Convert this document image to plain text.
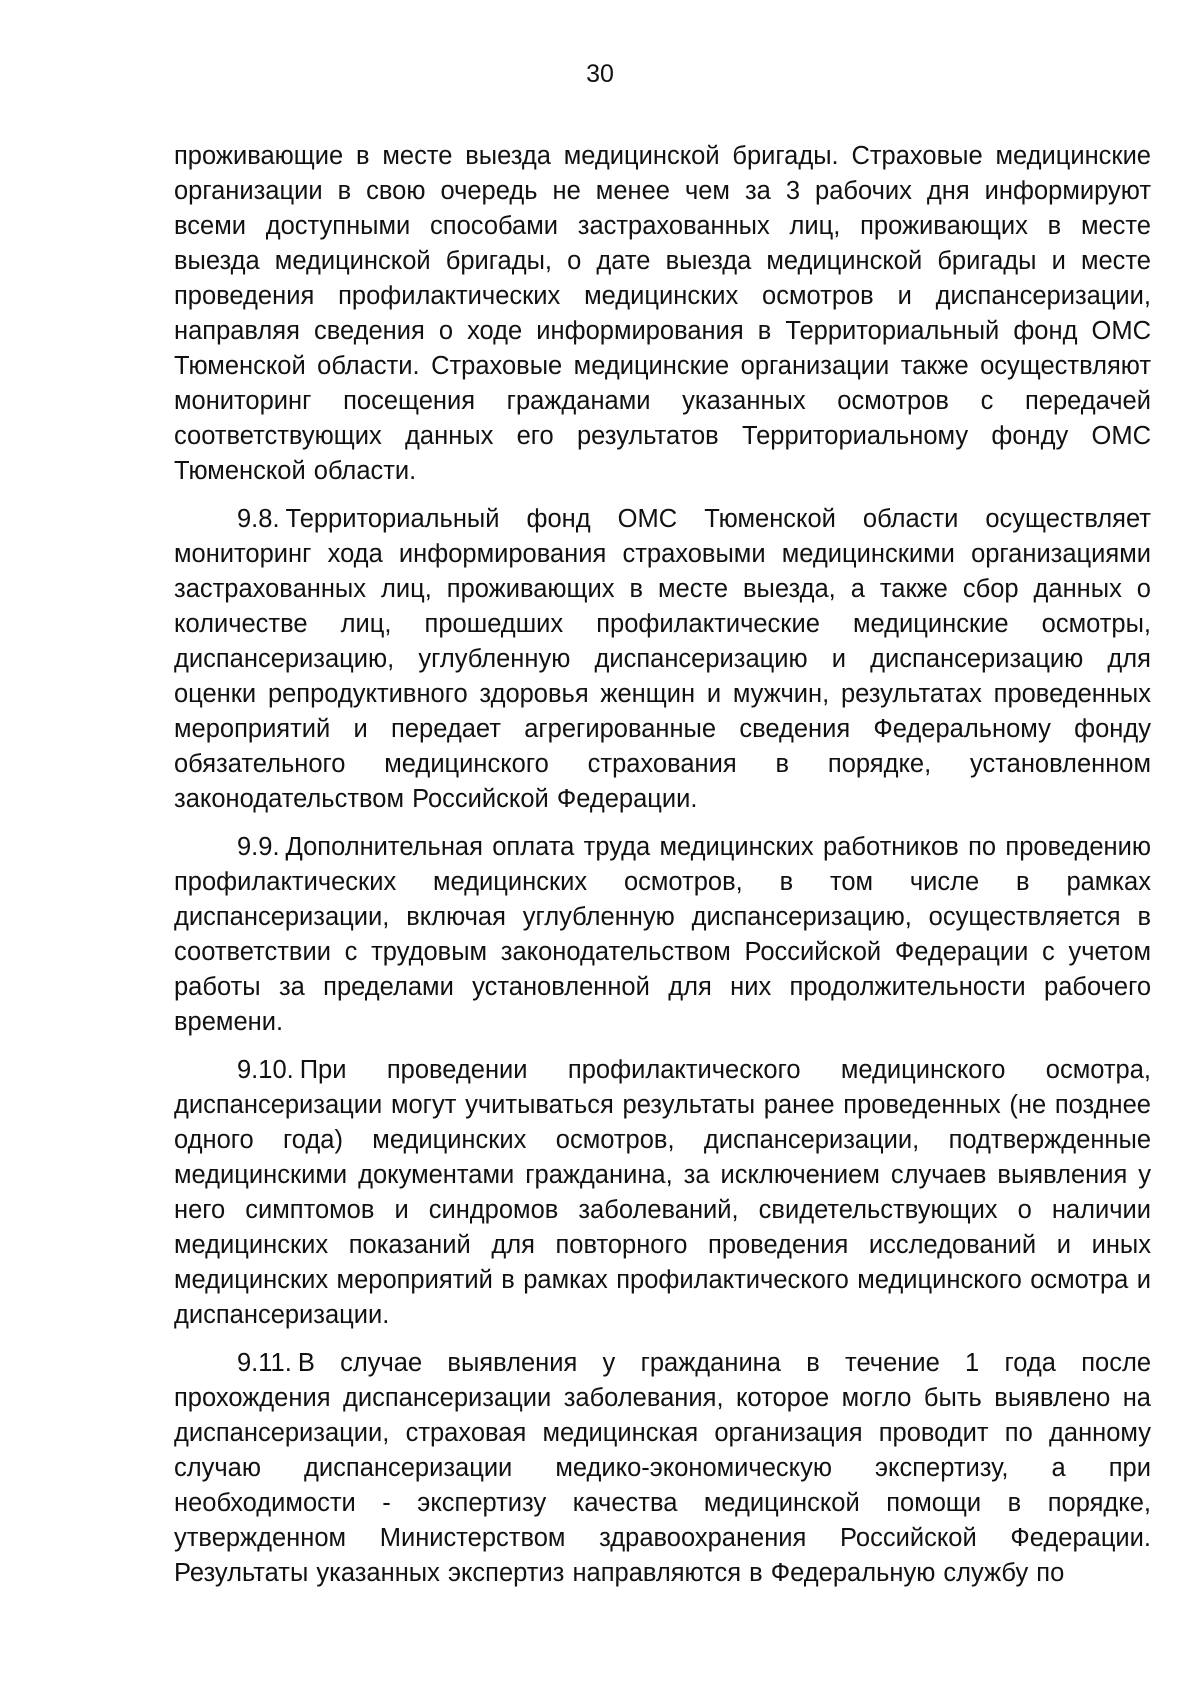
30

проживающие в месте выезда медицинской бригады. Страховые медицинские организации в свою очередь не менее чем за 3 рабочих дня информируют всеми доступными способами застрахованных лиц, проживающих в месте выезда медицинской бригады, о дате выезда медицинской бригады и месте проведения профилактических медицинских осмотров и диспансеризации, направляя сведения о ходе информирования в Территориальный фонд ОМС Тюменской области. Страховые медицинские организации также осуществляют мониторинг посещения гражданами указанных осмотров с передачей соответствующих данных его результатов Территориальному фонду ОМС Тюменской области.

9.8. Территориальный фонд ОМС Тюменской области осуществляет мониторинг хода информирования страховыми медицинскими организациями застрахованных лиц, проживающих в месте выезда, а также сбор данных о количестве лиц, прошедших профилактические медицинские осмотры, диспансеризацию, углубленную диспансеризацию и диспансеризацию для оценки репродуктивного здоровья женщин и мужчин, результатах проведенных мероприятий и передает агрегированные сведения Федеральному фонду обязательного медицинского страхования в порядке, установленном законодательством Российской Федерации.

9.9. Дополнительная оплата труда медицинских работников по проведению профилактических медицинских осмотров, в том числе в рамках диспансеризации, включая углубленную диспансеризацию, осуществляется в соответствии с трудовым законодательством Российской Федерации с учетом работы за пределами установленной для них продолжительности рабочего времени.

9.10. При проведении профилактического медицинского осмотра, диспансеризации могут учитываться результаты ранее проведенных (не позднее одного года) медицинских осмотров, диспансеризации, подтвержденные медицинскими документами гражданина, за исключением случаев выявления у него симптомов и синдромов заболеваний, свидетельствующих о наличии медицинских показаний для повторного проведения исследований и иных медицинских мероприятий в рамках профилактического медицинского осмотра и диспансеризации.

9.11. В случае выявления у гражданина в течение 1 года после прохождения диспансеризации заболевания, которое могло быть выявлено на диспансеризации, страховая медицинская организация проводит по данному случаю диспансеризации медико-экономическую экспертизу, а при необходимости - экспертизу качества медицинской помощи в порядке, утвержденном Министерством здравоохранения Российской Федерации. Результаты указанных экспертиз направляются в Федеральную службу по
